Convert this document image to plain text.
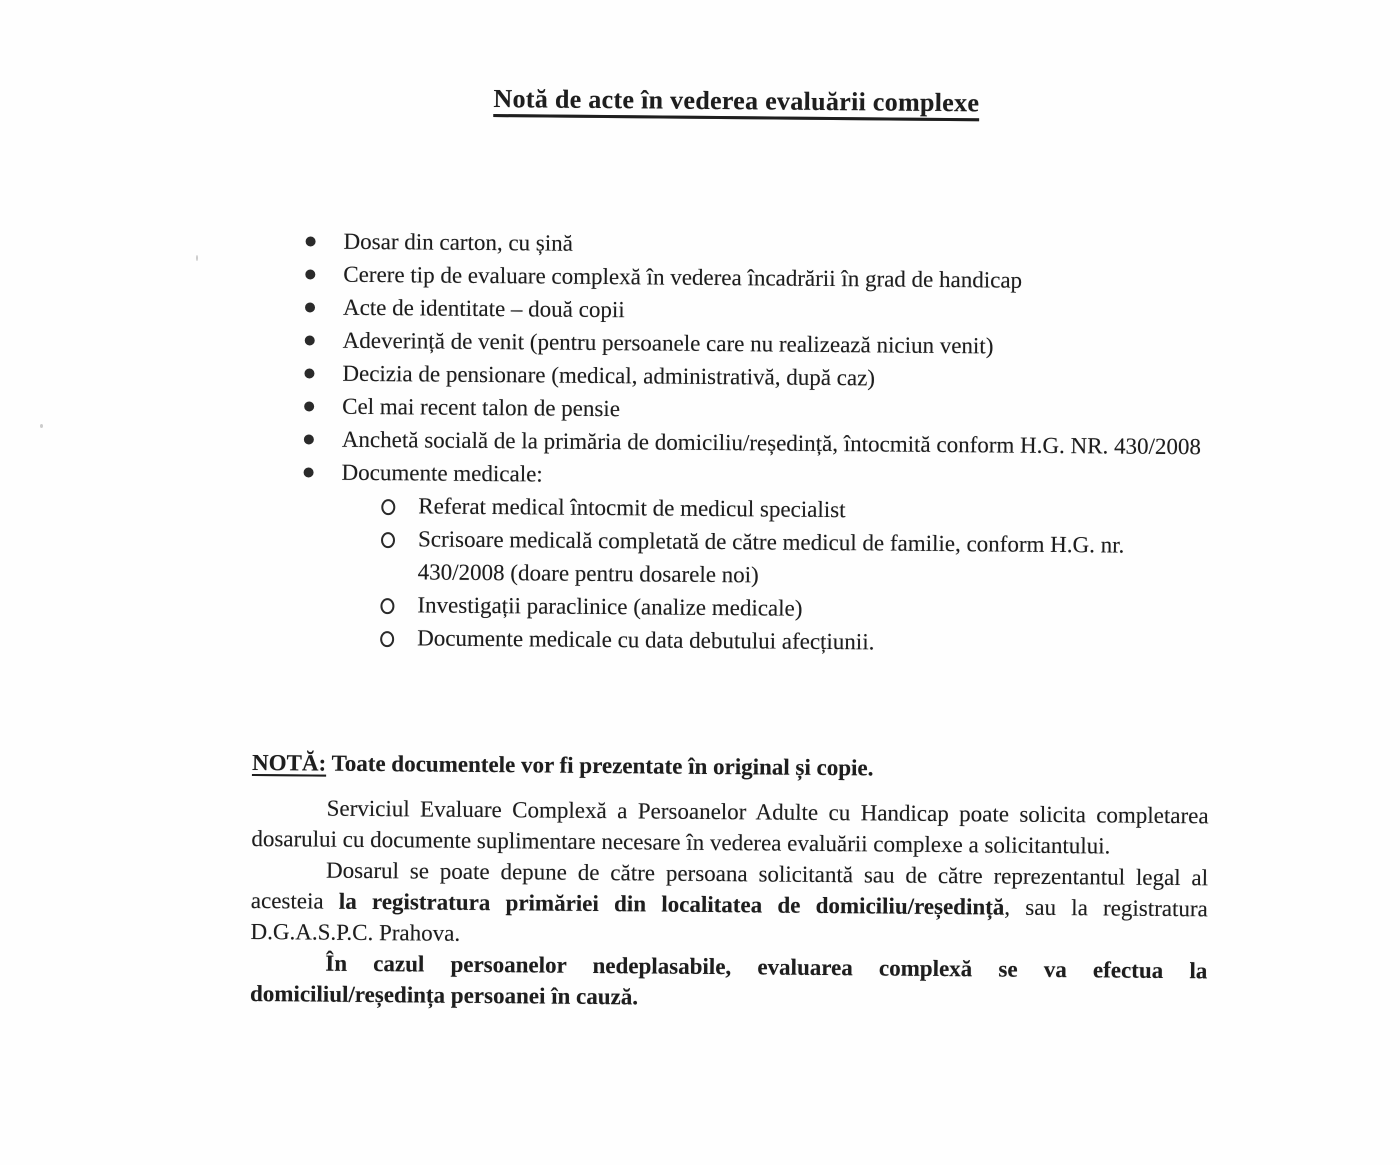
Notă de acte în vederea evaluării complexe
Dosar din carton, cu șină
Cerere tip de evaluare complexă în vederea încadrării în grad de handicap
Acte de identitate – două copii
Adeverință de venit (pentru persoanele care nu realizează niciun venit)
Decizia de pensionare (medical, administrativă, după caz)
Cel mai recent talon de pensie
Anchetă socială de la primăria de domiciliu/reședință, întocmită conform H.G. NR. 430/2008
Documente medicale:
Referat medical întocmit de medicul specialist
Scrisoare medicală completată de către medicul de familie, conform H.G. nr. 430/2008 (doare pentru dosarele noi)
Investigații paraclinice (analize medicale)
Documente medicale cu data debutului afecțiunii.

NOTĂ: Toate documentele vor fi prezentate în original și copie.

Serviciul Evaluare Complexă a Persoanelor Adulte cu Handicap poate solicita completarea dosarului cu documente suplimentare necesare în vederea evaluării complexe a solicitantului.

Dosarul se poate depune de către persoana solicitantă sau de către reprezentantul legal al acesteia la registratura primăriei din localitatea de domiciliu/reședință, sau la registratura D.G.A.S.P.C. Prahova.

În cazul persoanelor nedeplasabile, evaluarea complexă se va efectua la domiciliul/reședința persoanei în cauză.
